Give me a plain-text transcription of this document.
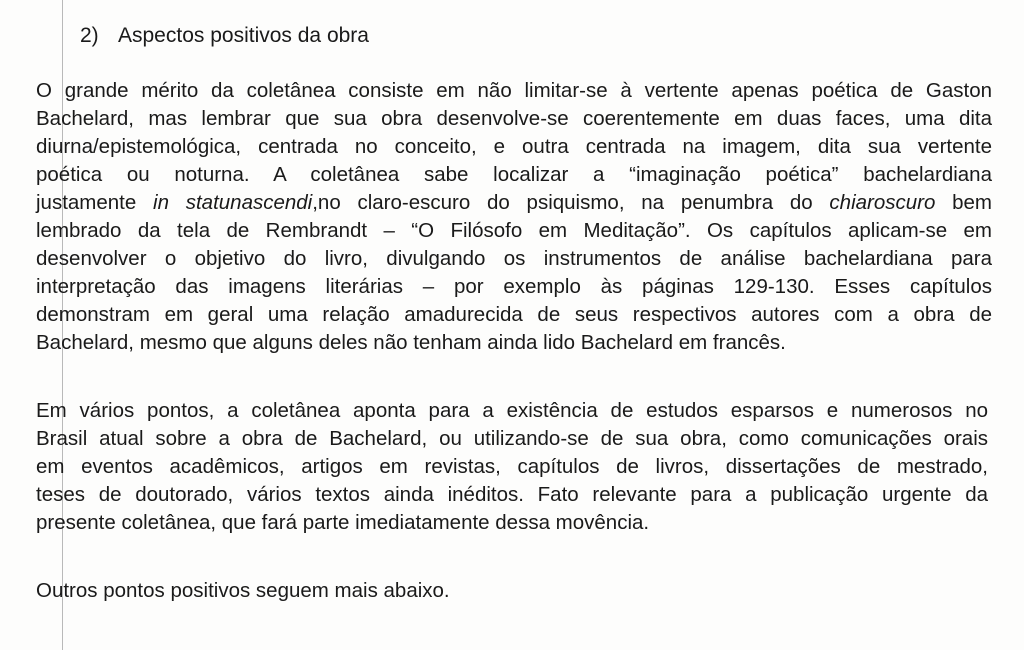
2) Aspectos positivos da obra
O grande mérito da coletânea consiste em não limitar-se à vertente apenas poética de Gaston
Bachelard, mas lembrar que sua obra desenvolve-se coerentemente em duas faces, uma dita
diurna/epistemológica, centrada no conceito, e outra centrada na imagem, dita sua vertente
poética ou noturna. A coletânea sabe localizar a “imaginação poética” bachelardiana
justamente in statunascendi,no claro-escuro do psiquismo, na penumbra do chiaroscuro bem
lembrado da tela de Rembrandt – “O Filósofo em Meditação”. Os capítulos aplicam-se em
desenvolver o objetivo do livro, divulgando os instrumentos de análise bachelardiana para
interpretação das imagens literárias – por exemplo às páginas 129-130. Esses capítulos
demonstram em geral uma relação amadurecida de seus respectivos autores com a obra de
Bachelard, mesmo que alguns deles não tenham ainda lido Bachelard em francês.
Em vários pontos, a coletânea aponta para a existência de estudos esparsos e numerosos no
Brasil atual sobre a obra de Bachelard, ou utilizando-se de sua obra, como comunicações orais
em eventos acadêmicos, artigos em revistas, capítulos de livros, dissertações de mestrado,
teses de doutorado, vários textos ainda inéditos. Fato relevante para a publicação urgente da
presente coletânea, que fará parte imediatamente dessa movência.
Outros pontos positivos seguem mais abaixo.
